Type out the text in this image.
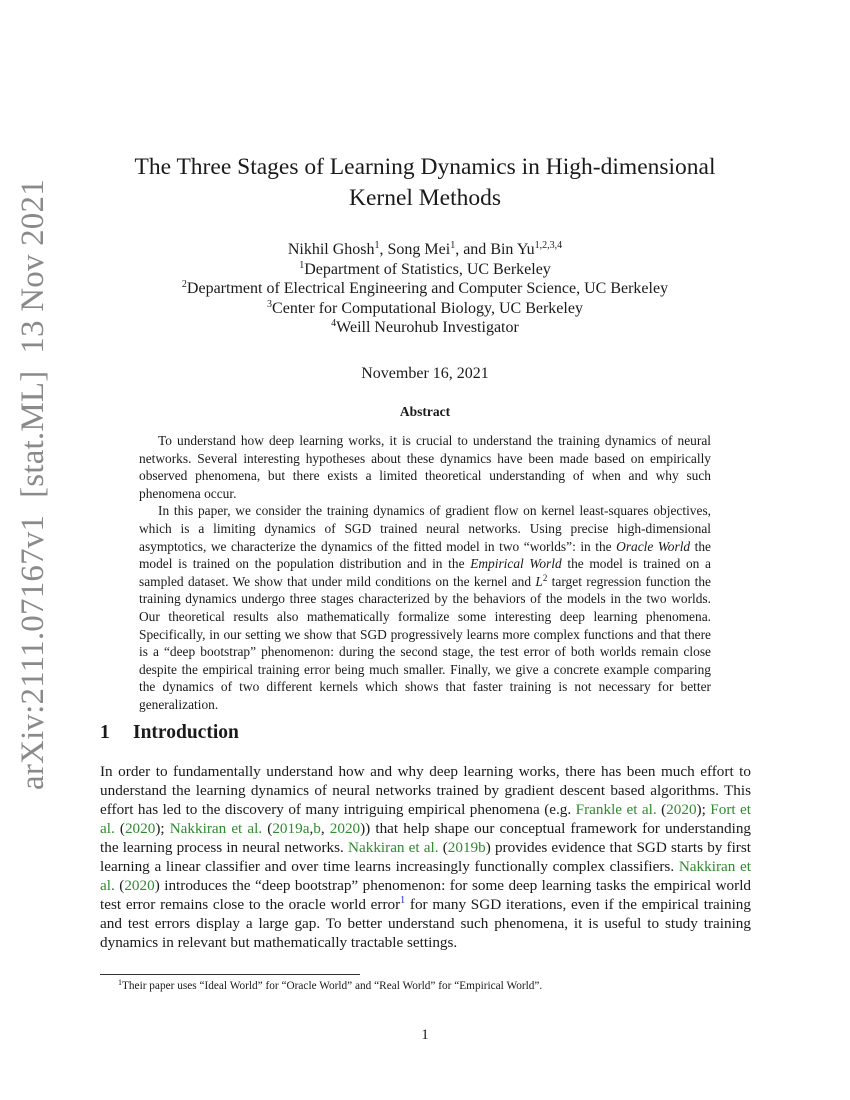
arXiv:2111.07167v1  [stat.ML]  13 Nov 2021
The Three Stages of Learning Dynamics in High-dimensional
Kernel Methods
Nikhil Ghosh$^1$, Song Mei$^1$, and Bin Yu$^{1,2,3,4}$
$^1$Department of Statistics, UC Berkeley
$^2$Department of Electrical Engineering and Computer Science, UC Berkeley
$^3$Center for Computational Biology, UC Berkeley
$^4$Weill Neurohub Investigator
November 16, 2021
Abstract

To understand how deep learning works, it is crucial to understand the training dynamics of neural networks. Several interesting hypotheses about these dynamics have been made based on empirically observed phenomena, but there exists a limited theoretical understanding of when and why such phenomena occur.

In this paper, we consider the training dynamics of gradient flow on kernel least-squares objectives, which is a limiting dynamics of SGD trained neural networks. Using precise high-dimensional asymptotics, we characterize the dynamics of the fitted model in two “worlds”: in the Oracle World the model is trained on the population distribution and in the Empirical World the model is trained on a sampled dataset. We show that under mild conditions on the kernel and $L^2$ target regression function the training dynamics undergo three stages characterized by the behaviors of the models in the two worlds. Our theoretical results also mathematically formalize some interesting deep learning phenomena. Specifically, in our setting we show that SGD progressively learns more complex functions and that there is a “deep bootstrap” phenomenon: during the second stage, the test error of both worlds remain close despite the empirical training error being much smaller. Finally, we give a concrete example comparing the dynamics of two different kernels which shows that faster training is not necessary for better generalization.

1 Introduction

In order to fundamentally understand how and why deep learning works, there has been much effort to understand the learning dynamics of neural networks trained by gradient descent based algorithms. This effort has led to the discovery of many intriguing empirical phenomena (e.g. Frankle et al. (2020); Fort et al. (2020); Nakkiran et al. (2019a,b, 2020)) that help shape our conceptual framework for understanding the learning process in neural networks. Nakkiran et al. (2019b) provides evidence that SGD starts by first learning a linear classifier and over time learns increasingly functionally complex classifiers. Nakkiran et al. (2020) introduces the “deep bootstrap” phenomenon: for some deep learning tasks the empirical world test error remains close to the oracle world error$^1$ for many SGD iterations, even if the empirical training and test errors display a large gap. To better understand such phenomena, it is useful to study training dynamics in relevant but mathematically tractable settings.

$^1$Their paper uses “Ideal World” for “Oracle World” and “Real World” for “Empirical World”.
1
